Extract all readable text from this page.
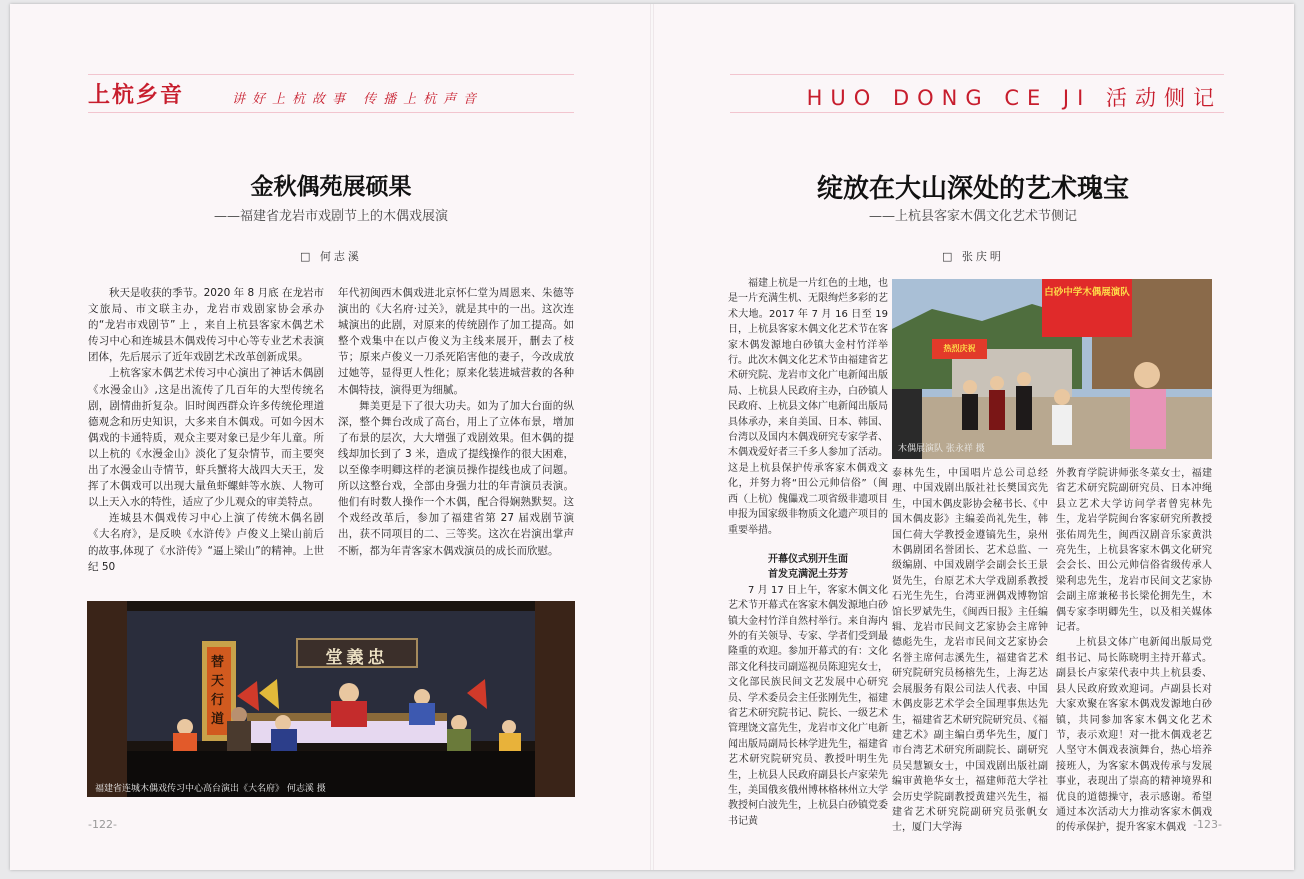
上杭乡音	讲好上杭故事 传播上杭声音
金秋偶苑展硕果
——福建省龙岩市戏剧节上的木偶戏展演
□ 何志溪

秋天是收获的季节。2020 年 8 月底 在龙岩市文旅局、市文联主办，龙岩市戏剧家协会承办的“龙岩市戏剧节” 上 ，来自上杭县客家木偶艺术传习中心和连城县木偶戏传习中心等专业艺术表演团体，先后展示了近年戏剧艺术改革创新成果。

上杭客家木偶艺术传习中心演出了神话木偶剧《水漫金山》,这是出流传了几百年的大型传统名剧，剧情曲折复杂。旧时闽西群众许多传统伦理道德观念和历史知识，大多来自木偶戏。可如今因木偶戏的卡通特质，观众主要对象已是少年儿童。所以上杭的《水漫金山》淡化了复杂情节，而主要突出了水漫金山寺情节，虾兵蟹将大战四大天王，发挥了木偶戏可以出现大量鱼虾螺蚌等水族、人物可以上天入水的特性，适应了少儿观众的审美特点。

连城县木偶戏传习中心上演了传统木偶名剧《大名府》，是反映《水浒传》卢俊义上梁山前后的故事,体现了《水浒传》“逼上梁山”的精神。上世纪 50

年代初闽西木偶戏进北京怀仁堂为周恩来、朱德等演出的《大名府·过关》，就是其中的一出。这次连城演出的此剧，对原来的传统剧作了加工提高。如整个戏集中在以卢俊义为主线来展开，删去了枝节；原来卢俊义一刀杀死陷害他的妻子，今改成放过她等，显得更人性化；原来化装进城营救的各种木偶特技，演得更为细腻。

舞美更是下了很大功夫。如为了加大台面的纵深，整个舞台改成了高台，用上了立体布景，增加了布景的层次，大大增强了戏剧效果。但木偶的提线却加长到了 3 米，造成了提线操作的很大困难，以至像李明卿这样的老演员操作提线也成了问题。所以这整台戏，全部由身强力壮的年青演员表演。他们有时数人操作一个木偶，配合得娴熟默契。这个戏经改革后，参加了福建省第 27 届戏剧节演出，获不同项目的二、三等奖。这次在岩演出掌声不断，都为年青客家木偶戏演员的成长而欣慰。

堂義忠
替天行道
福建省连城木偶戏传习中心高台演出《大名府》 何志溪 摄
-122-
HUO DONG CE JI 活动侧记
绽放在大山深处的艺术瑰宝
——上杭县客家木偶文化艺术节侧记
□ 张庆明

福建上杭是一片红色的土地，也是一片充满生机、无限绚烂多彩的艺术大地。2017 年 7 月 16 日至 19 日，上杭县客家木偶文化艺术节在客家木偶发源地白砂镇大金村竹洋举行。此次木偶文化艺术节由福建省艺术研究院、龙岩市文化广电新闻出版局、上杭县人民政府主办，白砂镇人民政府、上杭县文体广电新闻出版局具体承办，来自美国、日本、韩国、台湾以及国内木偶戏研究专家学者、木偶戏爱好者三千多人参加了活动。这是上杭县保护传承客家木偶戏文化，并努力将“田公元帅信俗”（闽西（上杭）傀儡戏二项省级非遗项目申报为国家级非物质文化遗产项目的重要举措。

开幕仪式别开生面
首发克满泥土芬芳

7 月 17 日上午，客家木偶文化艺术节开幕式在客家木偶发源地白砂镇大金村竹洋自然村举行。来自海内外的有关领导、专家、学者们受到最隆重的欢迎。参加开幕式的有：文化部文化科技司副巡视员陈迎宪女士，文化部民族民间文艺发展中心研究员、学术委员会主任张刚先生，福建省艺术研究院书记、院长、一级艺术管理饶文富先生，龙岩市文化广电新闻出版局副局长林学进先生，福建省艺术研究院研究员、教授叶明生先生，上杭县人民政府副县长卢家荣先生，美国俄亥俄州博林格林州立大学教授柯白波先生，上杭县白砂镇党委书记黄

白砂中学木偶展演队
热烈庆祝
木偶展演队 张永祥 摄

泰林先生，中国唱片总公司总经理、中国戏剧出版社社长樊国宾先生，中国木偶皮影协会秘书长、《中国木偶皮影》主编姜尚礼先生，韩国仁荷大学教授金遵镐先生，泉州木偶剧团名誉团长、艺术总监、一级编剧、中国戏剧学会副会长王景贤先生，台原艺术大学戏剧系教授石光生先生，台湾亚洲偶戏博物馆馆长罗斌先生，《闽西日报》主任编辑、龙岩市民间文艺家协会主席钟德彪先生，龙岩市民间文艺家协会名誉主席何志溪先生，福建省艺术研究院研究员杨榕先生，上海艺达会展服务有限公司法人代表、中国木偶皮影艺术学会全国理事焦达先生，福建省艺术研究院研究员、《福建艺术》副主编白勇华先生，厦门市台湾艺术研究所副院长、副研究员吴慧颖女士，中国戏剧出版社副编审黄艳华女士，福建师范大学社会历史学院副教授黄建兴先生，福建省艺术研究院副研究员张帆女士，厦门大学海

外教育学院讲师张冬菜女士，福建省艺术研究院副研究员、日本冲绳县立艺术大学访问学者曾宪林先生，龙岩学院闽台客家研究所教授张佑周先生，闽西汉剧音乐家黄洪亮先生，上杭县客家木偶文化研究会会长、田公元帅信俗省级传承人梁利忠先生，龙岩市民间文艺家协会副主席兼秘书长梁伦拥先生，木偶专家李明卿先生，以及相关媒体记者。

上杭县文体广电新闻出版局党组书记、局长陈晓明主持开幕式。副县长卢家荣代表中共上杭县委、县人民政府致欢迎词。卢副县长对大家欢聚在客家木偶戏发源地白砂镇，共同参加客家木偶文化艺术节，表示欢迎！对一批木偶戏老艺人坚守木偶戏表演舞台，热心培养接班人，为客家木偶戏传承与发展事业，表现出了崇高的精神境界和优良的道德操守，表示感谢。希望通过本次活动大力推动客家木偶戏的传承保护，提升客家木偶戏 -123-
